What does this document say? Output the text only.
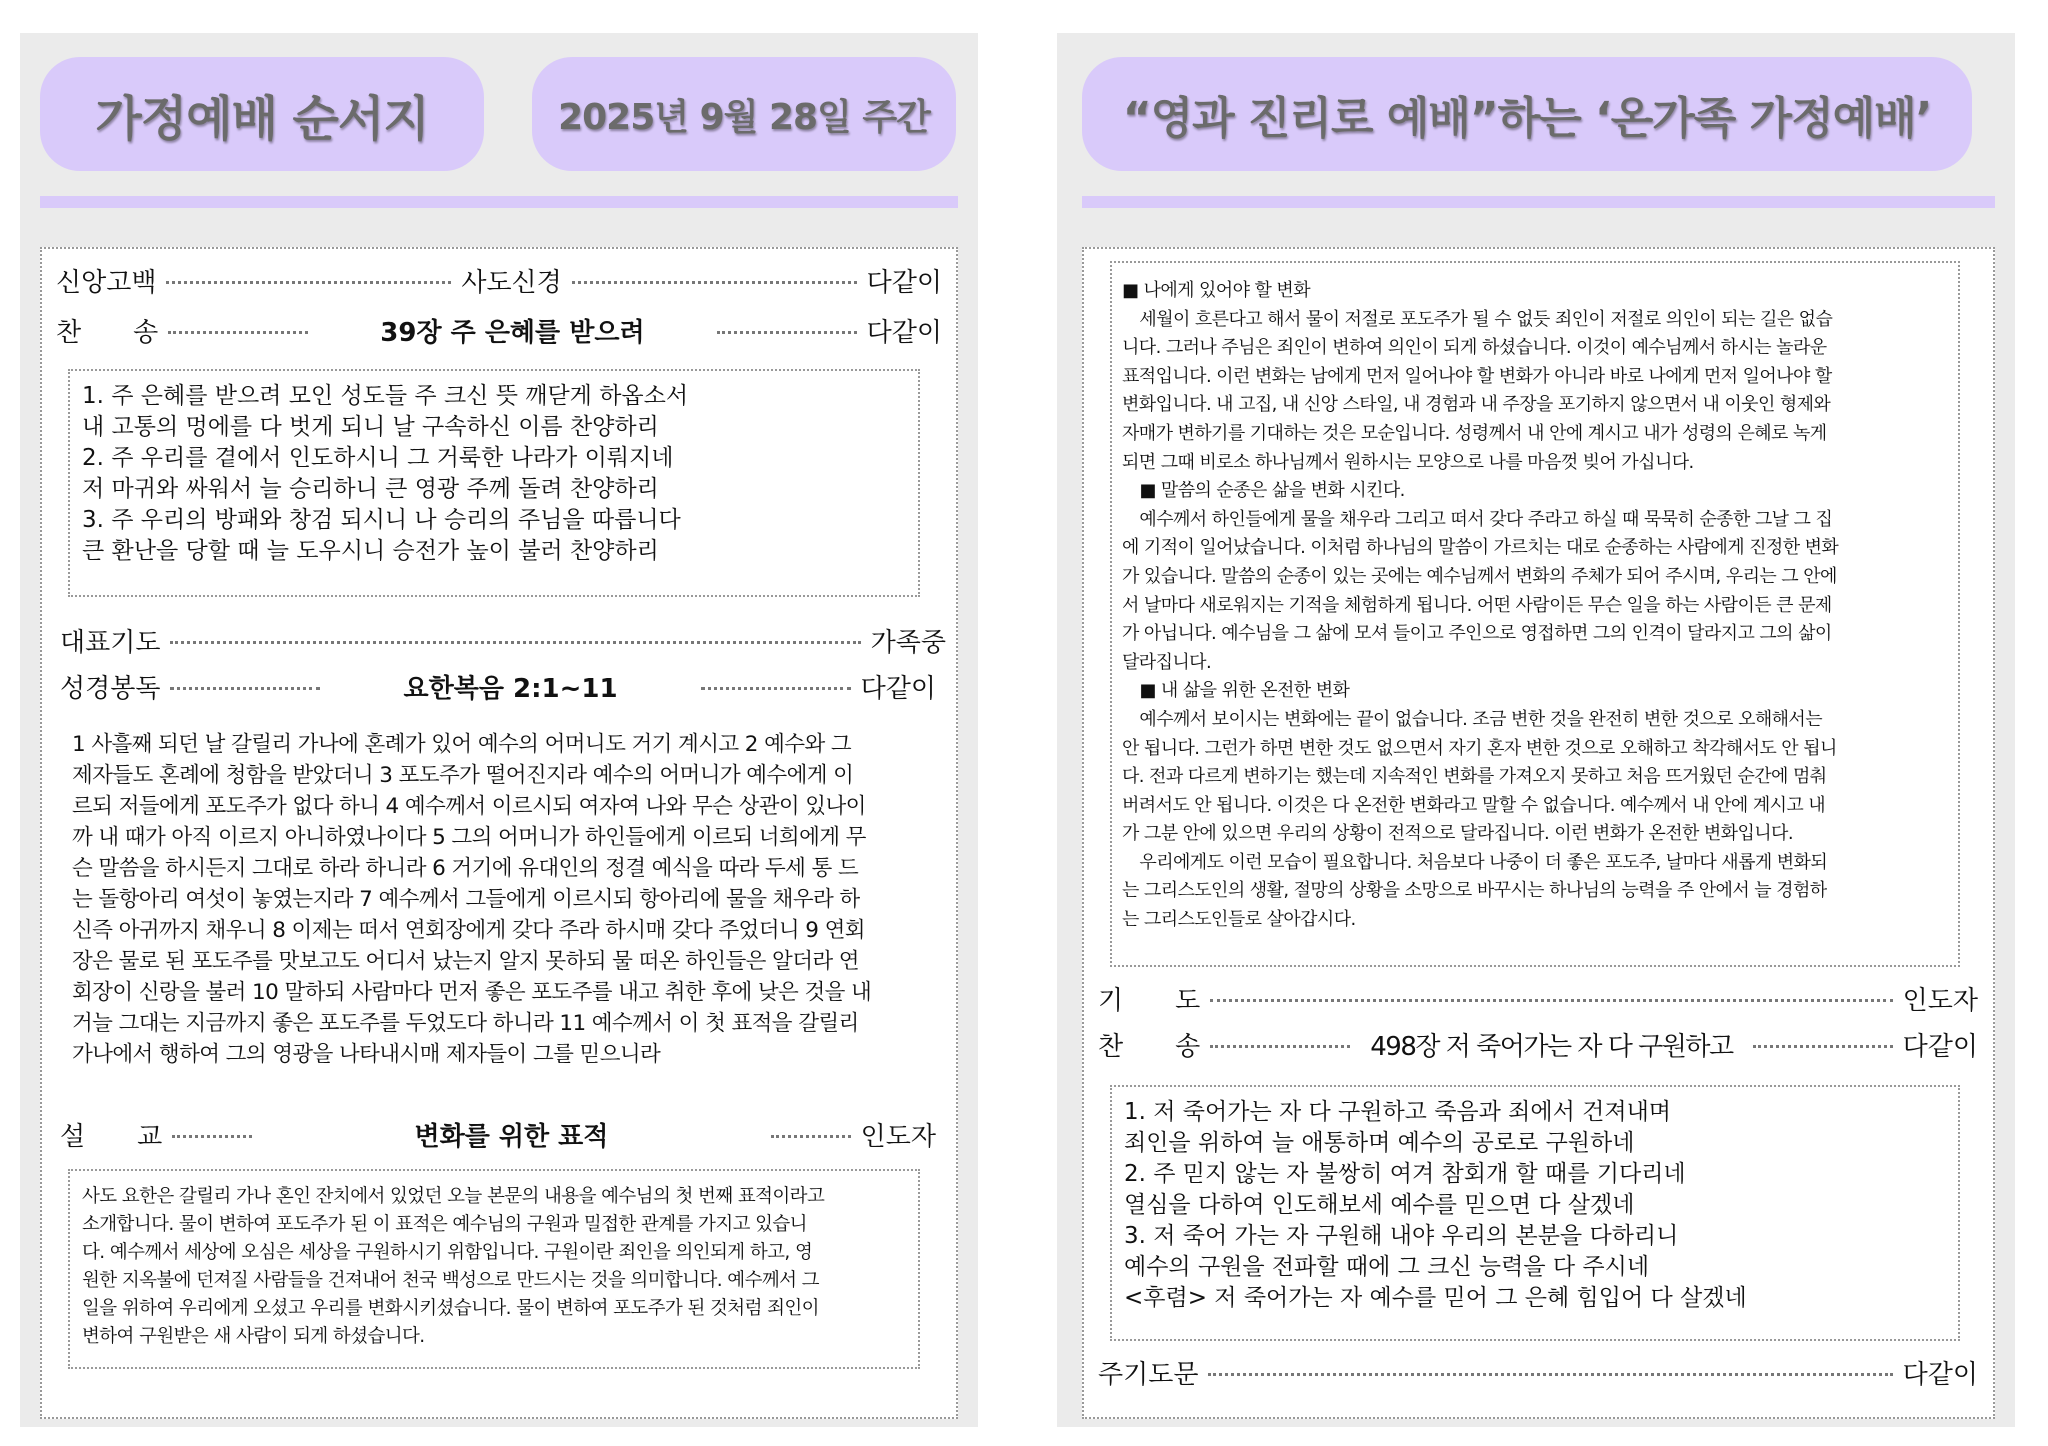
가정예배 순서지	2025년 9월 28일 주간
신앙고백	사도신경	다같이
찬　　송	39장 주 은혜를 받으려	다같이
1. 주 은혜를 받으려 모인 성도들 주 크신 뜻 깨닫게 하옵소서
내 고통의 멍에를 다 벗게 되니 날 구속하신 이름 찬양하리
2. 주 우리를 곁에서 인도하시니 그 거룩한 나라가 이뤄지네
저 마귀와 싸워서 늘 승리하니 큰 영광 주께 돌려 찬양하리
3. 주 우리의 방패와 창검 되시니 나 승리의 주님을 따릅니다
큰 환난을 당할 때 늘 도우시니 승전가 높이 불러 찬양하리
대표기도	가족중
성경봉독	요한복음 2:1~11	다같이
1 사흘째 되던 날 갈릴리 가나에 혼례가 있어 예수의 어머니도 거기 계시고 2 예수와 그
제자들도 혼례에 청함을 받았더니 3 포도주가 떨어진지라 예수의 어머니가 예수에게 이
르되 저들에게 포도주가 없다 하니 4 예수께서 이르시되 여자여 나와 무슨 상관이 있나이
까 내 때가 아직 이르지 아니하였나이다 5 그의 어머니가 하인들에게 이르되 너희에게 무
슨 말씀을 하시든지 그대로 하라 하니라 6 거기에 유대인의 정결 예식을 따라 두세 통 드
는 돌항아리 여섯이 놓였는지라 7 예수께서 그들에게 이르시되 항아리에 물을 채우라 하
신즉 아귀까지 채우니 8 이제는 떠서 연회장에게 갖다 주라 하시매 갖다 주었더니 9 연회
장은 물로 된 포도주를 맛보고도 어디서 났는지 알지 못하되 물 떠온 하인들은 알더라 연
회장이 신랑을 불러 10 말하되 사람마다 먼저 좋은 포도주를 내고 취한 후에 낮은 것을 내
거늘 그대는 지금까지 좋은 포도주를 두었도다 하니라 11 예수께서 이 첫 표적을 갈릴리
가나에서 행하여 그의 영광을 나타내시매 제자들이 그를 믿으니라
설　　교	변화를 위한 표적	인도자
사도 요한은 갈릴리 가나 혼인 잔치에서 있었던 오늘 본문의 내용을 예수님의 첫 번째 표적이라고
소개합니다. 물이 변하여 포도주가 된 이 표적은 예수님의 구원과 밀접한 관계를 가지고 있습니
다. 예수께서 세상에 오심은 세상을 구원하시기 위함입니다. 구원이란 죄인을 의인되게 하고, 영
원한 지옥불에 던져질 사람들을 건져내어 천국 백성으로 만드시는 것을 의미합니다. 예수께서 그
일을 위하여 우리에게 오셨고 우리를 변화시키셨습니다. 물이 변하여 포도주가 된 것처럼 죄인이
변하여 구원받은 새 사람이 되게 하셨습니다.
“영과 진리로 예배”하는 ‘온가족 가정예배’
■ 나에게 있어야 할 변화
　세월이 흐른다고 해서 물이 저절로 포도주가 될 수 없듯 죄인이 저절로 의인이 되는 길은 없습
니다. 그러나 주님은 죄인이 변하여 의인이 되게 하셨습니다. 이것이 예수님께서 하시는 놀라운
표적입니다. 이런 변화는 남에게 먼저 일어나야 할 변화가 아니라 바로 나에게 먼저 일어나야 할
변화입니다. 내 고집, 내 신앙 스타일, 내 경험과 내 주장을 포기하지 않으면서 내 이웃인 형제와
자매가 변하기를 기대하는 것은 모순입니다. 성령께서 내 안에 계시고 내가 성령의 은혜로 녹게
되면 그때 비로소 하나님께서 원하시는 모양으로 나를 마음껏 빚어 가십니다.
　■ 말씀의 순종은 삶을 변화 시킨다.
　예수께서 하인들에게 물을 채우라 그리고 떠서 갖다 주라고 하실 때 묵묵히 순종한 그날 그 집
에 기적이 일어났습니다. 이처럼 하나님의 말씀이 가르치는 대로 순종하는 사람에게 진정한 변화
가 있습니다. 말씀의 순종이 있는 곳에는 예수님께서 변화의 주체가 되어 주시며, 우리는 그 안에
서 날마다 새로워지는 기적을 체험하게 됩니다. 어떤 사람이든 무슨 일을 하는 사람이든 큰 문제
가 아닙니다. 예수님을 그 삶에 모셔 들이고 주인으로 영접하면 그의 인격이 달라지고 그의 삶이
달라집니다.
　■ 내 삶을 위한 온전한 변화
　예수께서 보이시는 변화에는 끝이 없습니다. 조금 변한 것을 완전히 변한 것으로 오해해서는
안 됩니다. 그런가 하면 변한 것도 없으면서 자기 혼자 변한 것으로 오해하고 착각해서도 안 됩니
다. 전과 다르게 변하기는 했는데 지속적인 변화를 가져오지 못하고 처음 뜨거웠던 순간에 멈춰
버려서도 안 됩니다. 이것은 다 온전한 변화라고 말할 수 없습니다. 예수께서 내 안에 계시고 내
가 그분 안에 있으면 우리의 상황이 전적으로 달라집니다. 이런 변화가 온전한 변화입니다.
　우리에게도 이런 모습이 필요합니다. 처음보다 나중이 더 좋은 포도주, 날마다 새롭게 변화되
는 그리스도인의 생활, 절망의 상황을 소망으로 바꾸시는 하나님의 능력을 주 안에서 늘 경험하
는 그리스도인들로 살아갑시다.
기　　도	인도자
찬　　송	498장 저 죽어가는 자 다 구원하고	다같이
1. 저 죽어가는 자 다 구원하고 죽음과 죄에서 건져내며
죄인을 위하여 늘 애통하며 예수의 공로로 구원하네
2. 주 믿지 않는 자 불쌍히 여겨 참회개 할 때를 기다리네
열심을 다하여 인도해보세 예수를 믿으면 다 살겠네
3. 저 죽어 가는 자 구원해 내야 우리의 본분을 다하리니
예수의 구원을 전파할 때에 그 크신 능력을 다 주시네
<후렴> 저 죽어가는 자 예수를 믿어 그 은혜 힘입어 다 살겠네
주기도문	다같이
